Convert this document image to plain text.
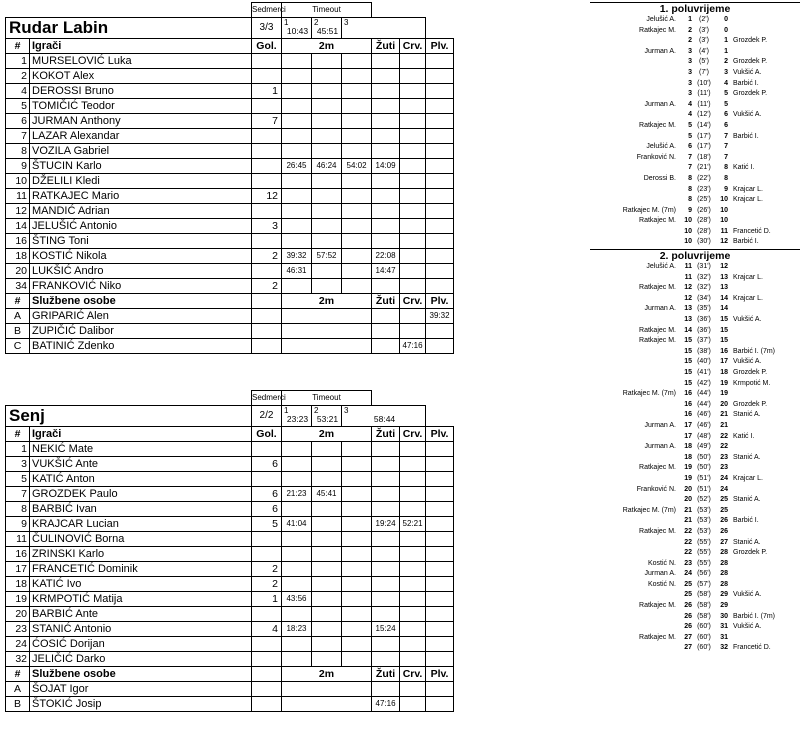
		Sedmerci	Timeout					
Rudar Labin		3/3	1
10:43	2
45:51	3			

#	Igrači	Gol.	2m			Žuti	Crv.	Plv.
1	MURSELOVIĆ Luka							
2	KOKOT Alex							
4	DEROSSI Bruno	1						
5	TOMIČIĆ Teodor							
6	JURMAN Anthony	7						
7	LAZAR Alexandar							
8	VOZILA Gabriel							
9	ŠTUCIN Karlo		26:45	46:24	54:02	14:09		
10	DŽELILI Kledi							
11	RATKAJEC Mario	12						
12	MANDIĆ Adrian							
14	JELUŠIĆ Antonio	3						
16	ŠTING Toni							
18	KOSTIĆ Nikola	2	39:32	57:52		22:08		
20	LUKŠIĆ Andro		46:31			14:47		
34	FRANKOVIĆ Niko	2						
#	Službene osobe		2m			Žuti	Crv.	Plv.
A	GRIPARIĆ Alen							39:32
B	ZUPIČIĆ Dalibor							
C	BATINIĆ Zdenko						47:16	
		Sedmerci	Timeout					
Senj		2/2	1
23:23	2
53:21	3
58:44			

#	Igrači	Gol.	2m			Žuti	Crv.	Plv.
1	NEKIĆ Mate							
3	VUKŠIĆ Ante	6						
5	KATIĆ Anton							
7	GROZDEK Paulo	6	21:23	45:41				
8	BARBIĆ Ivan	6						
9	KRAJCAR Lucian	5	41:04			19:24	52:21	
11	ČULINOVIĆ Borna							
16	ZRINSKI Karlo							
17	FRANCETIĆ Dominik	2						
18	KATIĆ Ivo	2						
19	KRMPOTIĆ Matija	1	43:56					
20	BARBIĆ Ante							
23	STANIĆ Antonio	4	18:23			15:24		
24	ĆOSIĆ Dorijan							
32	JELIČIĆ Darko							
#	Službene osobe		2m			Žuti	Crv.	Plv.
A	ŠOJAT Igor							
B	ŠTOKIĆ Josip					47:16		
1. poluvrijeme
Jelušić A.	1	(2')	0
Ratkajec M.	2	(3')	0
2	(3')	1 Grozdek P.
Jurman A.	3	(4')	1
3	(5')	2 Grozdek P.
3	(7')	3 Vukšić A.
3 (10')	4 Barbić I.
3 (11')	5 Grozdek P.
Jurman A.	4 (11')	5
4 (12')	6 Vukšić A.
Ratkajec M.	5 (14')	6
5 (17')	7 Barbić I.
Jelušić A.	6 (17')	7
Franković N.	7 (18')	7
7 (21')	8 Katić I.
Derossi B.	8 (22')	8
8 (23')	9 Krajcar L.
8 (25')	10 Krajcar L.
Ratkajec M. (7m)	9 (26')	10
Ratkajec M.	10 (28')	10
10 (28')	11 Francetić D.
10 (30')	12 Barbić I.
2. poluvrijeme
Jelušić A.	11 (31')	12
11 (32')	13 Krajcar L.
Ratkajec M.	12 (32')	13
12 (34')	14 Krajcar L.
Jurman A.	13 (35')	14
13 (36')	15 Vukšić A.
Ratkajec M.	14 (36')	15
Ratkajec M.	15 (37')	15
15 (38')	16 Barbić I. (7m)
15 (40')	17 Vukšić A.
15 (41')	18 Grozdek P.
15 (42')	19 Krmpotić M.
Ratkajec M. (7m)	16 (44')	19
16 (44')	20 Grozdek P.
16 (46')	21 Stanić A.
Jurman A.	17 (46')	21
17 (48')	22 Katić I.
Jurman A.	18 (49')	22
18 (50')	23 Stanić A.
Ratkajec M.	19 (50')	23
19 (51')	24 Krajcar L.
Franković N.	20 (51')	24
20 (52')	25 Stanić A.
Ratkajec M. (7m)	21 (53')	25
21 (53')	26 Barbić I.
Ratkajec M.	22 (53')	26
22 (55')	27 Stanić A.
22 (55')	28 Grozdek P.
Kostić N.	23 (55')	28
Jurman A.	24 (56')	28
Kostić N.	25 (57')	28
25 (58')	29 Vukšić A.
Ratkajec M.	26 (58')	29
26 (58')	30 Barbić I. (7m)
26 (60')	31 Vukšić A.
Ratkajec M.	27 (60')	31
27 (60')	32 Francetić D.
